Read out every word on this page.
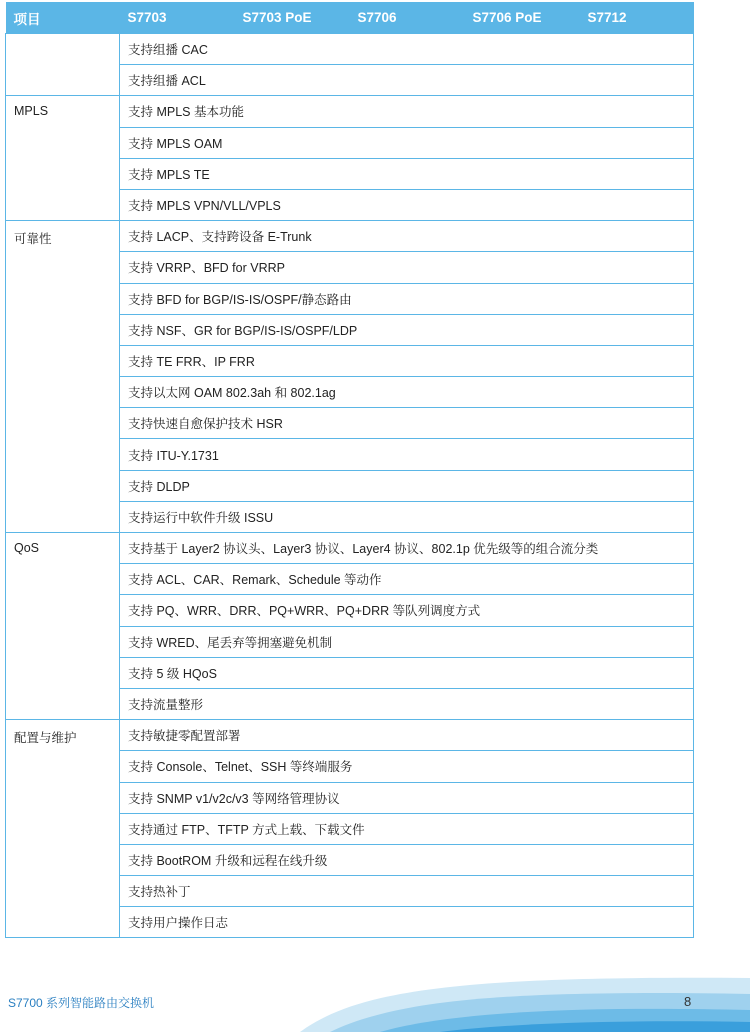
项目	S7703	S7703 PoE	S7706	S7706 PoE	S7712
	支持组播 CAC				
	支持组播 ACL				
MPLS	支持 MPLS 基本功能				
	支持 MPLS OAM				
	支持 MPLS TE				
	支持 MPLS VPN/VLL/VPLS				
可靠性	支持 LACP、支持跨设备 E-Trunk				
	支持 VRRP、BFD for VRRP				
	支持 BFD for BGP/IS-IS/OSPF/静态路由				
	支持 NSF、GR for BGP/IS-IS/OSPF/LDP				
	支持 TE FRR、IP FRR				
	支持以太网 OAM 802.3ah 和 802.1ag				
	支持快速自愈保护技术 HSR				
	支持 ITU-Y.1731				
	支持 DLDP				
	支持运行中软件升级 ISSU				
QoS	支持基于 Layer2 协议头、Layer3 协议、Layer4 协议、802.1p 优先级等的组合流分类				
	支持 ACL、CAR、Remark、Schedule 等动作				
	支持 PQ、WRR、DRR、PQ+WRR、PQ+DRR 等队列调度方式				
	支持 WRED、尾丢弃等拥塞避免机制				
	支持 5 级 HQoS				
	支持流量整形				
配置与维护	支持敏捷零配置部署				
	支持 Console、Telnet、SSH 等终端服务				
	支持 SNMP v1/v2c/v3 等网络管理协议				
	支持通过 FTP、TFTP 方式上载、下载文件				
	支持 BootROM 升级和远程在线升级				
	支持热补丁				
	支持用户操作日志				
S7700 系列智能路由交换机	8
